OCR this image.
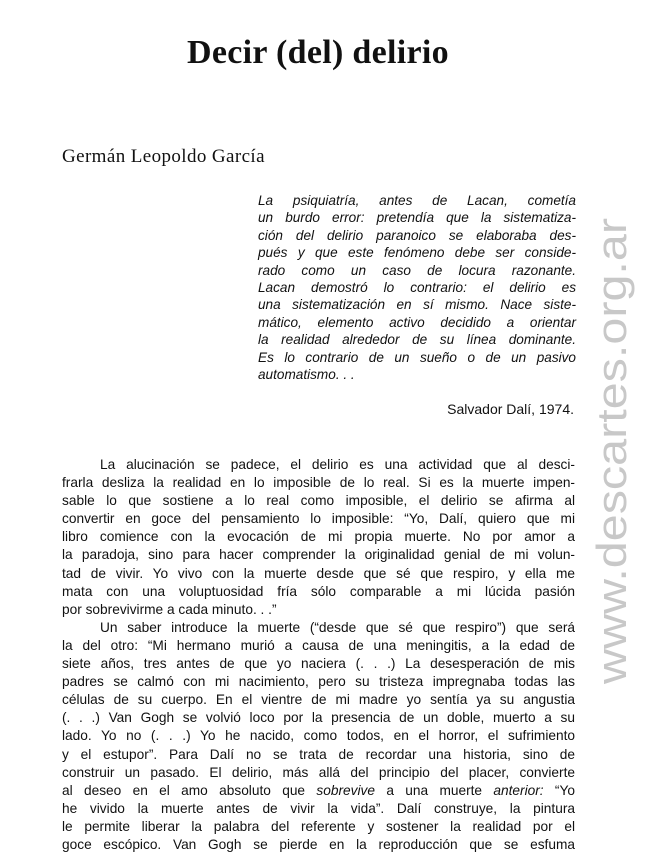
Decir (del) delirio

Germán Leopoldo García

La psiquiatría, antes de Lacan, cometía
un burdo error: pretendía que la sistematiza-
ción del delirio paranoico se elaboraba des-
pués y que este fenómeno debe ser conside-
rado como un caso de locura razonante.
Lacan demostró lo contrario: el delirio es
una sistematización en sí mismo. Nace siste-
mático, elemento activo decidido a orientar
la realidad alrededor de su línea dominante.
Es lo contrario de un sueño o de un pasivo
automatismo. . .
Salvador Dalí, 1974.
La alucinación se padece, el delirio es una actividad que al desci-
frarla desliza la realidad en lo imposible de lo real. Si es la muerte impen-
sable lo que sostiene a lo real como imposible, el delirio se afirma al
convertir en goce del pensamiento lo imposible: “Yo, Dalí, quiero que mi
libro comience con la evocación de mi propia muerte. No por amor a
la paradoja, sino para hacer comprender la originalidad genial de mi volun-
tad de vivir. Yo vivo con la muerte desde que sé que respiro, y ella me
mata con una voluptuosidad fría sólo comparable a mi lúcida pasión
por sobrevivirme a cada minuto. . .”
Un saber introduce la muerte (“desde que sé que respiro”) que será
la del otro: “Mi hermano murió a causa de una meningitis, a la edad de
siete años, tres antes de que yo naciera (. . .) La desesperación de mis
padres se calmó con mi nacimiento, pero su tristeza impregnaba todas las
células de su cuerpo. En el vientre de mi madre yo sentía ya su angustia
(. . .) Van Gogh se volvió loco por la presencia de un doble, muerto a su
lado. Yo no (. . .) Yo he nacido, como todos, en el horror, el sufrimiento
y el estupor”. Para Dalí no se trata de recordar una historia, sino de
construir un pasado. El delirio, más allá del principio del placer, convierte
al deseo en el amo absoluto que sobrevive a una muerte anterior: “Yo
he vivido la muerte antes de vivir la vida”. Dalí construye, la pintura
le permite liberar la palabra del referente y sostener la realidad por el
goce escópico. Van Gogh se pierde en la reproducción que se esfuma
www.descartes.org.ar
